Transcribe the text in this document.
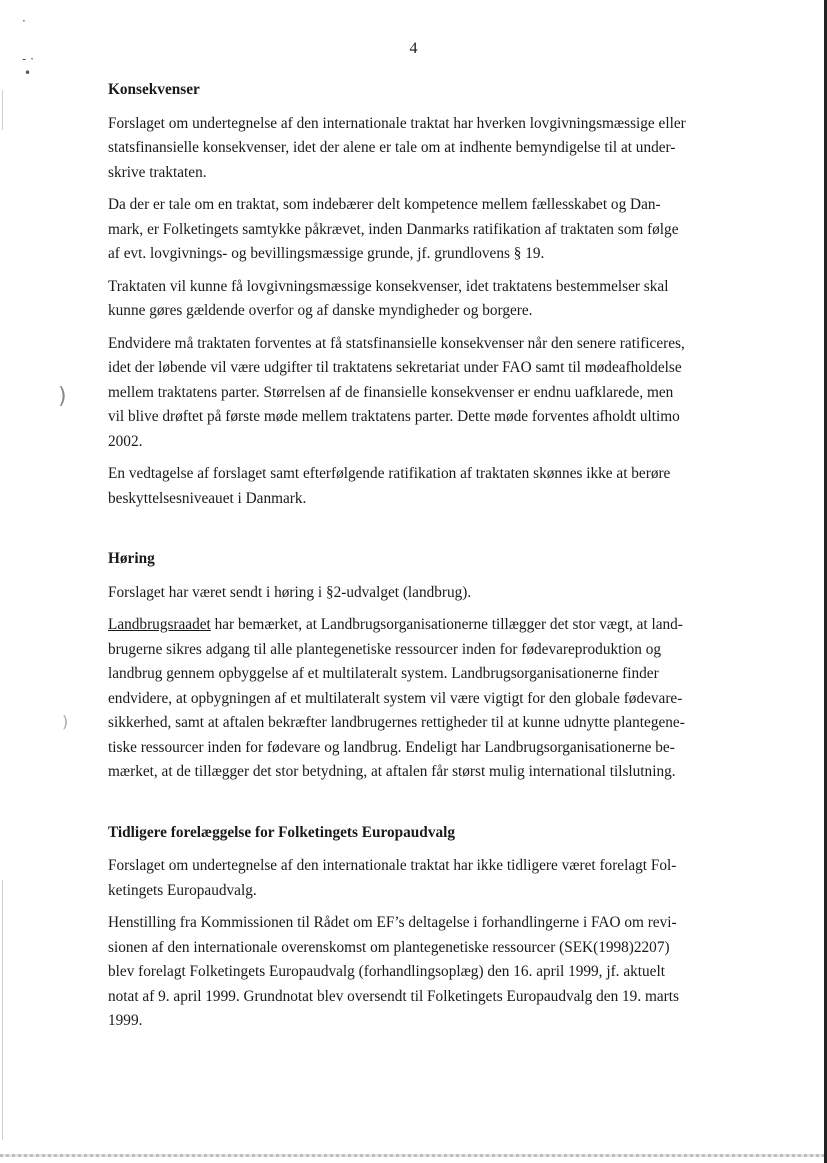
4
·
- ·
•
)
)
Konsekvenser

Forslaget om undertegnelse af den internationale traktat har hverken lovgivningsmæssige eller
statsfinansielle konsekvenser, idet der alene er tale om at indhente bemyndigelse til at under-
skrive traktaten.

Da der er tale om en traktat, som indebærer delt kompetence mellem fællesskabet og Dan-
mark, er Folketingets samtykke påkrævet, inden Danmarks ratifikation af traktaten som følge
af evt. lovgivnings- og bevillingsmæssige grunde, jf. grundlovens § 19.

Traktaten vil kunne få lovgivningsmæssige konsekvenser, idet traktatens bestemmelser skal
kunne gøres gældende overfor og af danske myndigheder og borgere.

Endvidere må traktaten forventes at få statsfinansielle konsekvenser når den senere ratificeres,
idet der løbende vil være udgifter til traktatens sekretariat under FAO samt til mødeafholdelse
mellem traktatens parter. Størrelsen af de finansielle konsekvenser er endnu uafklarede, men
vil blive drøftet på første møde mellem traktatens parter. Dette møde forventes afholdt ultimo
2002.

En vedtagelse af forslaget samt efterfølgende ratifikation af traktaten skønnes ikke at berøre
beskyttelsesniveauet i Danmark.

Høring

Forslaget har været sendt i høring i §2-udvalget (landbrug).

Landbrugsraadet har bemærket, at Landbrugsorganisationerne tillægger det stor vægt, at land-
brugerne sikres adgang til alle plantegenetiske ressourcer inden for fødevareproduktion og
landbrug gennem opbyggelse af et multilateralt system. Landbrugsorganisationerne finder
endvidere, at opbygningen af et multilateralt system vil være vigtigt for den globale fødevare-
sikkerhed, samt at aftalen bekræfter landbrugernes rettigheder til at kunne udnytte plantegene-
tiske ressourcer inden for fødevare og landbrug. Endeligt har Landbrugsorganisationerne be-
mærket, at de tillægger det stor betydning, at aftalen får størst mulig international tilslutning.

Tidligere forelæggelse for Folketingets Europaudvalg

Forslaget om undertegnelse af den internationale traktat har ikke tidligere været forelagt Fol-
ketingets Europaudvalg.

Henstilling fra Kommissionen til Rådet om EF’s deltagelse i forhandlingerne i FAO om revi-
sionen af den internationale overenskomst om plantegenetiske ressourcer (SEK(1998)2207)
blev forelagt Folketingets Europaudvalg (forhandlingsoplæg) den 16. april 1999, jf. aktuelt
notat af 9. april 1999. Grundnotat blev oversendt til Folketingets Europaudvalg den 19. marts
1999.
